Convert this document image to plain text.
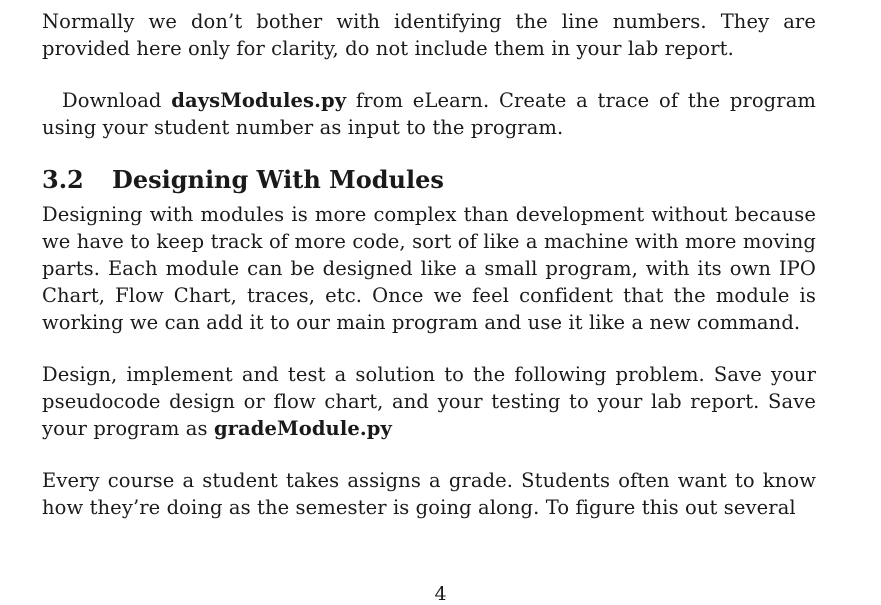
Normally we don’t bother with identifying the line numbers. They are provided here only for clarity, do not include them in your lab report.

Download daysModules.py from eLearn. Create a trace of the program using your student number as input to the program.

3.2 Designing With Modules

Designing with modules is more complex than development without because we have to keep track of more code, sort of like a machine with more moving parts. Each module can be designed like a small program, with its own IPO Chart, Flow Chart, traces, etc. Once we feel confident that the module is working we can add it to our main program and use it like a new command.

Design, implement and test a solution to the following problem. Save your pseudocode design or flow chart, and your testing to your lab report. Save your program as gradeModule.py

Every course a student takes assigns a grade. Students often want to know how they’re doing as the semester is going along. To figure this out several

4
